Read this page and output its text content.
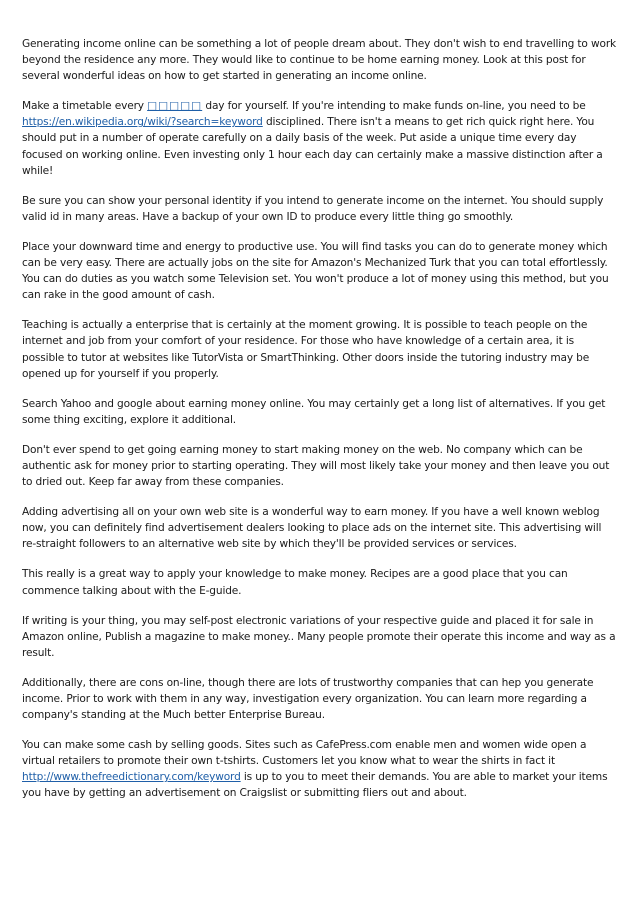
Generating income online can be something a lot of people dream about. They don't wish to end travelling to work beyond the residence any more. They would like to continue to be home earning money. Look at this post for several wonderful ideas on how to get started in generating an income online.

Make a timetable every □□□□□ day for yourself. If you're intending to make funds on-line, you need to be https://en.wikipedia.org/wiki/?search=keyword disciplined. There isn't a means to get rich quick right here. You should put in a number of operate carefully on a daily basis of the week. Put aside a unique time every day focused on working online. Even investing only 1 hour each day can certainly make a massive distinction after a while!

Be sure you can show your personal identity if you intend to generate income on the internet. You should supply valid id in many areas. Have a backup of your own ID to produce every little thing go smoothly.

Place your downward time and energy to productive use. You will find tasks you can do to generate money which can be very easy. There are actually jobs on the site for Amazon's Mechanized Turk that you can total effortlessly. You can do duties as you watch some Television set. You won't produce a lot of money using this method, but you can rake in the good amount of cash.

Teaching is actually a enterprise that is certainly at the moment growing. It is possible to teach people on the internet and job from your comfort of your residence. For those who have knowledge of a certain area, it is possible to tutor at websites like TutorVista or SmartThinking. Other doors inside the tutoring industry may be opened up for yourself if you properly.

Search Yahoo and google about earning money online. You may certainly get a long list of alternatives. If you get some thing exciting, explore it additional.

Don't ever spend to get going earning money to start making money on the web. No company which can be authentic ask for money prior to starting operating. They will most likely take your money and then leave you out to dried out. Keep far away from these companies.

Adding advertising all on your own web site is a wonderful way to earn money. If you have a well known weblog now, you can definitely find advertisement dealers looking to place ads on the internet site. This advertising will re-straight followers to an alternative web site by which they'll be provided services or services.

This really is a great way to apply your knowledge to make money. Recipes are a good place that you can commence talking about with the E-guide.

If writing is your thing, you may self-post electronic variations of your respective guide and placed it for sale in Amazon online, Publish a magazine to make money.. Many people promote their operate this income and way as a result.

Additionally, there are cons on-line, though there are lots of trustworthy companies that can hep you generate income. Prior to work with them in any way, investigation every organization. You can learn more regarding a company's standing at the Much better Enterprise Bureau.

You can make some cash by selling goods. Sites such as CafePress.com enable men and women wide open a virtual retailers to promote their own t-tshirts. Customers let you know what to wear the shirts in fact it http://www.thefreedictionary.com/keyword is up to you to meet their demands. You are able to market your items you have by getting an advertisement on Craigslist or submitting fliers out and about.
